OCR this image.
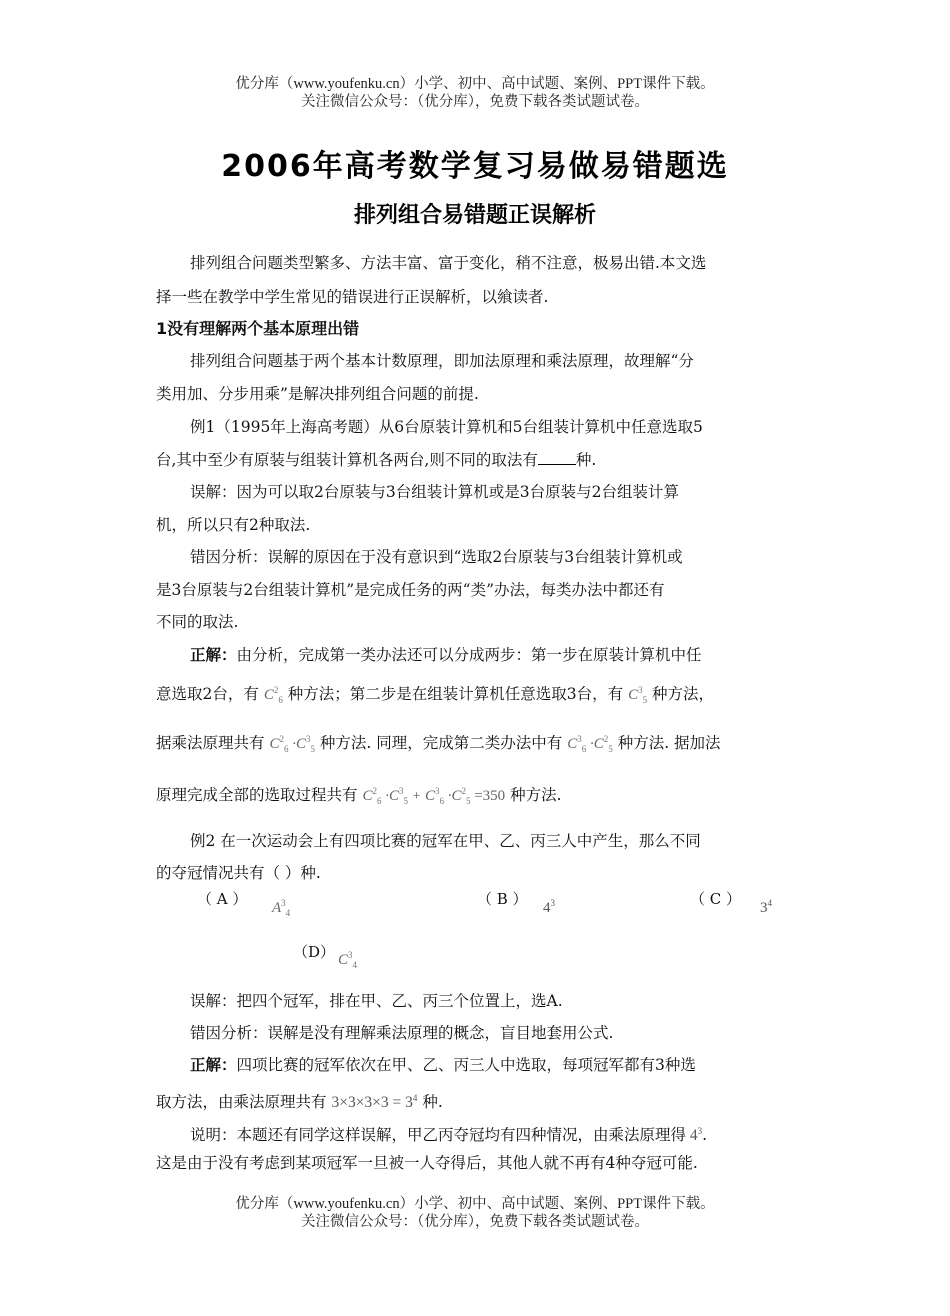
优分库（www.youfenku.cn）小学、初中、高中试题、案例、PPT课件下载。
关注微信公众号：（优分库），免费下载各类试题试卷。
2006年高考数学复习易做易错题选
排列组合易错题正误解析
排列组合问题类型繁多、方法丰富、富于变化，稍不注意，极易出错.本文选
择一些在教学中学生常见的错误进行正误解析，以飨读者.
1没有理解两个基本原理出错
排列组合问题基于两个基本计数原理，即加法原理和乘法原理，故理解“分
类用加、分步用乘”是解决排列组合问题的前提.
例1（1995年上海高考题）从6台原装计算机和5台组装计算机中任意选取5
台,其中至少有原装与组装计算机各两台,则不同的取法有 种.
误解：因为可以取2台原装与3台组装计算机或是3台原装与2台组装计算
机，所以只有2种取法.
错因分析：误解的原因在于没有意识到“选取2台原装与3台组装计算机或
是3台原装与2台组装计算机”是完成任务的两“类”办法，每类办法中都还有
不同的取法.
正解：由分析，完成第一类办法还可以分成两步：第一步在原装计算机中任
意选取2台，有 $C^2_6$ 种方法；第二步是在组装计算机任意选取3台，有 $C^3_5$ 种方法，
据乘法原理共有 $C^2_6 \cdot C^3_5$ 种方法. 同理，完成第二类办法中有 $C^3_6 \cdot C^2_5$ 种方法. 据加法
原理完成全部的选取过程共有 $C^2_6 \cdot C^3_5 + C^3_6 \cdot C^2_5 =350$ 种方法.
例2 在一次运动会上有四项比赛的冠军在甲、乙、丙三人中产生，那么不同
的夺冠情况共有（ ）种.
（ A ） $A^3_4$
（ B ） $4^3$	（ C ） $3^4$
（D） $C^3_4$
误解：把四个冠军，排在甲、乙、丙三个位置上，选A.
错因分析：误解是没有理解乘法原理的概念，盲目地套用公式.
正解：四项比赛的冠军依次在甲、乙、丙三人中选取，每项冠军都有3种选
取方法，由乘法原理共有 $3\times 3\times 3\times 3 = 3^4$ 种.
说明：本题还有同学这样误解，甲乙丙夺冠均有四种情况，由乘法原理得 $4^3$.
这是由于没有考虑到某项冠军一旦被一人夺得后，其他人就不再有4种夺冠可能.
优分库（www.youfenku.cn）小学、初中、高中试题、案例、PPT课件下载。
关注微信公众号：（优分库），免费下载各类试题试卷。
